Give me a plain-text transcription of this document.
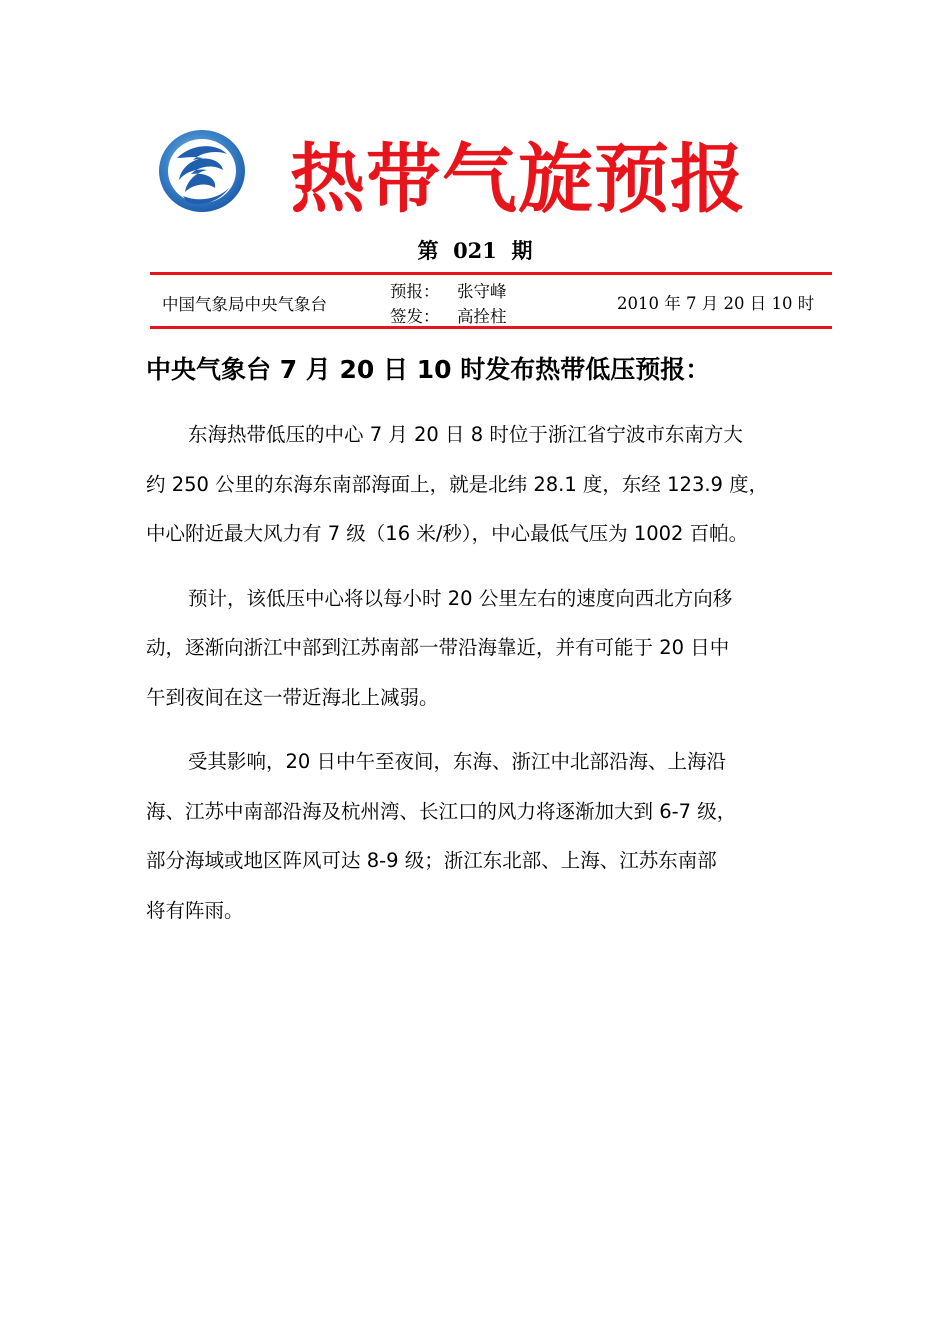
热带气旋预报
第  021  期
中国气象局中央气象台
预报： 张守峰
签发： 高拴柱
2010 年 7 月 20 日 10 时
中央气象台 7 月 20 日 10 时发布热带低压预报：
东海热带低压的中心 7 月 20 日 8 时位于浙江省宁波市东南方大
约 250 公里的东海东南部海面上，就是北纬 28.1 度，东经 123.9 度，
中心附近最大风力有 7 级（16 米/秒），中心最低气压为 1002 百帕。
预计，该低压中心将以每小时 20 公里左右的速度向西北方向移
动，逐渐向浙江中部到江苏南部一带沿海靠近，并有可能于 20 日中
午到夜间在这一带近海北上减弱。
受其影响，20 日中午至夜间，东海、浙江中北部沿海、上海沿
海、江苏中南部沿海及杭州湾、长江口的风力将逐渐加大到 6-7 级，
部分海域或地区阵风可达 8-9 级；浙江东北部、上海、江苏东南部
将有阵雨。
